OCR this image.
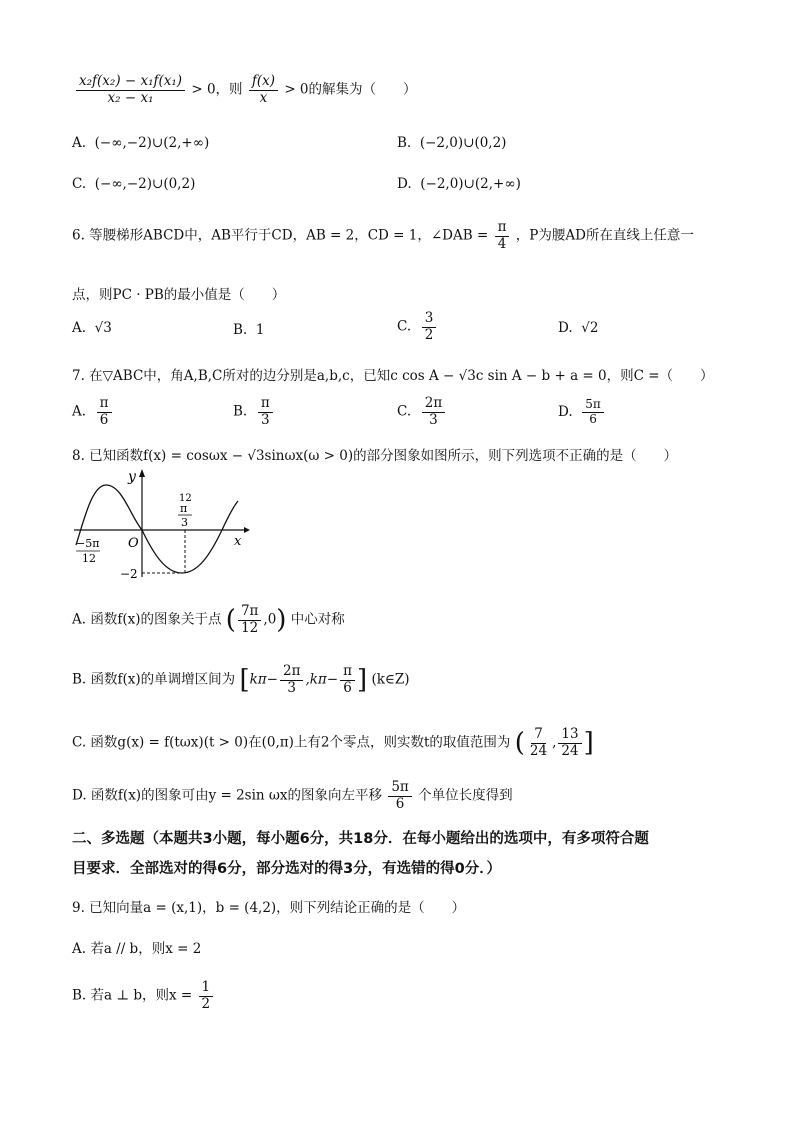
$\frac{\text{x₂f(x₂) − x₁f(x₁)}}{\text{x₂ − x₁}} > 0$，则 $\frac{f(x)}{x} > 0$的解集为（　　）
A. (−∞,−2)∪(2,+∞)	B. (−2,0)∪(0,2)
C. (−∞,−2)∪(0,2)	D. (−2,0)∪(2,+∞)
6. 等腰梯形ABCD中，AB平行于CD，AB = 2，CD = 1，∠DAB = $\frac{\pi}{4}$ ，P为腰AD所在直线上任意一
点，则PC · PB的最小值是（　　）
A. √3	B. 1	C. $\frac{3}{2}$	D. √2
7. 在▽ABC中，角A,B,C所对的边分别是a,b,c，已知c cos A − √3c sin A − b + a = 0，则C =（　　）
A. $\frac{\pi}{6}$	B. $\frac{\pi}{3}$	C. $\frac{2\pi}{3}$	D. $\frac{5\pi}{6}$
8. 已知函数f(x) = cosωx − √3sinωx(ω > 0)的部分图象如图所示，则下列选项不正确的是（　　）
y
x
O
−5π
12
12
π
3
−2
A. 函数f(x)的图象关于点 ( $\frac{7\pi}{12} ,0$) 中心对称
B. 函数f(x)的单调增区间为 [$k\pi- \frac{2\pi}{3} ,k\pi- \frac{\pi}{6}$ ] (k∈Z)
C. 函数g(x) = f(tωx)(t > 0)在(0,π)上有2个零点，则实数t的取值范围为 ( $\frac{7}{24}$ , $\frac{13}{24}$ ]
D. 函数f(x)的图象可由y = 2sin ωx的图象向左平移 $\frac{5\pi}{6}$ 个单位长度得到
二、多选题（本题共3小题，每小题6分，共18分．在每小题给出的选项中，有多项符合题
目要求．全部选对的得6分，部分选对的得3分，有选错的得0分．）
9. 已知向量a = (x,1)，b = (4,2)，则下列结论正确的是（　　）
A. 若a // b，则x = 2
B. 若a ⊥ b，则$x = \frac{1}{2}$
